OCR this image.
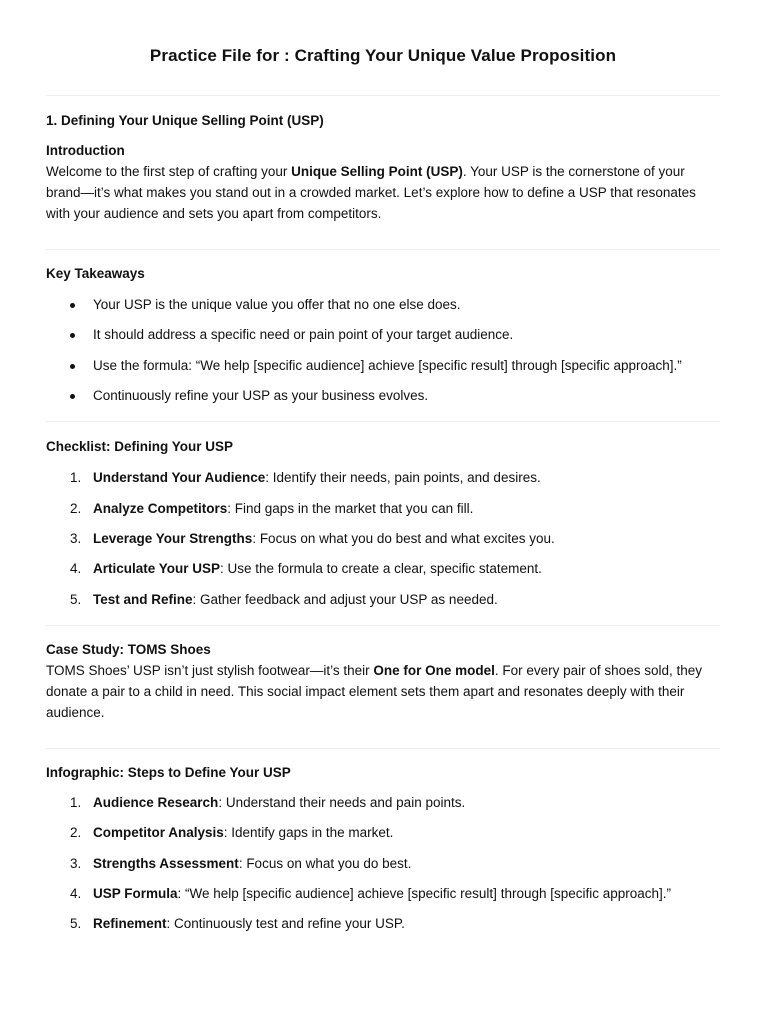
Practice File for : Crafting Your Unique Value Proposition
1. Defining Your Unique Selling Point (USP)
Introduction

Welcome to the first step of crafting your Unique Selling Point (USP). Your USP is the cornerstone of your brand—it’s what makes you stand out in a crowded market. Let’s explore how to define a USP that resonates with your audience and sets you apart from competitors.

Key Takeaways
Your USP is the unique value you offer that no one else does.
It should address a specific need or pain point of your target audience.
Use the formula: “We help [specific audience] achieve [specific result] through [specific approach].”
Continuously refine your USP as your business evolves.
Checklist: Defining Your USP
1. Understand Your Audience: Identify their needs, pain points, and desires.
2. Analyze Competitors: Find gaps in the market that you can fill.
3. Leverage Your Strengths: Focus on what you do best and what excites you.
4. Articulate Your USP: Use the formula to create a clear, specific statement.
5. Test and Refine: Gather feedback and adjust your USP as needed.
Case Study: TOMS Shoes

TOMS Shoes’ USP isn’t just stylish footwear—it’s their One for One model. For every pair of shoes sold, they donate a pair to a child in need. This social impact element sets them apart and resonates deeply with their audience.

Infographic: Steps to Define Your USP
1. Audience Research: Understand their needs and pain points.
2. Competitor Analysis: Identify gaps in the market.
3. Strengths Assessment: Focus on what you do best.
4. USP Formula: “We help [specific audience] achieve [specific result] through [specific approach].”
5. Refinement: Continuously test and refine your USP.
